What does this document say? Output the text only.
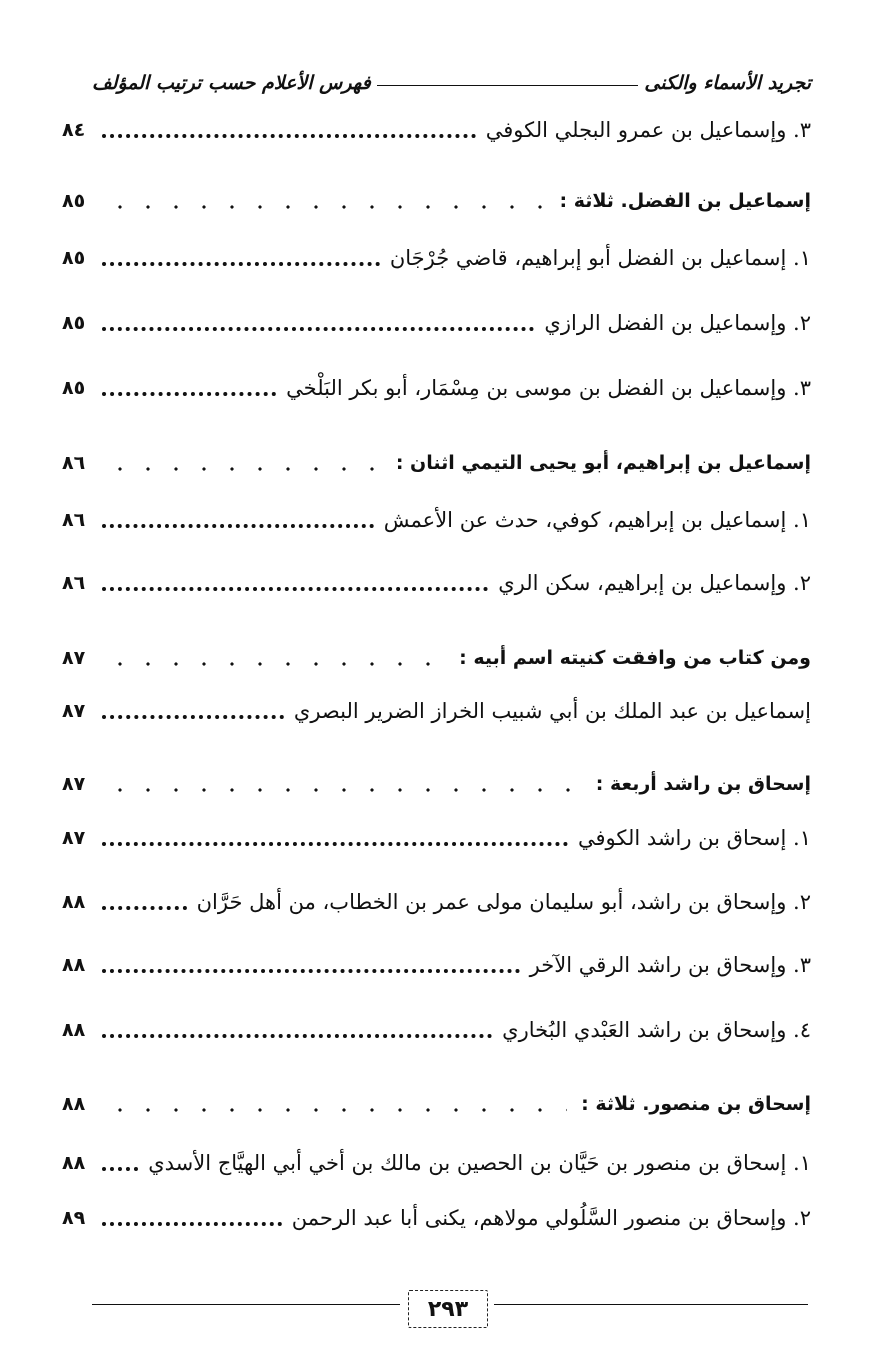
تجريد الأسماء والكنى
فهرس الأعلام حسب ترتيب المؤلف
٣. وإسماعيل بن عمرو البجلي الكوفي
٨٤
إسماعيل بن الفضل. ثلاثة :
٨٥
١. إسماعيل بن الفضل أبو إبراهيم، قاضي جُرْجَان
٨٥
٢. وإسماعيل بن الفضل الرازي
٨٥
٣. وإسماعيل بن الفضل بن موسى بن مِسْمَار، أبو بكر البَلْخي
٨٥
إسماعيل بن إبراهيم، أبو يحيى التيمي اثنان :
٨٦
١. إسماعيل بن إبراهيم، كوفي، حدث عن الأعمش
٨٦
٢. وإسماعيل بن إبراهيم، سكن الري
٨٦
ومن كتاب من وافقت كنيته اسم أبيه :
٨٧
إسماعيل بن عبد الملك بن أبي شبيب الخراز الضرير البصري
٨٧
إسحاق بن راشد أربعة :
٨٧
١. إسحاق بن راشد الكوفي
٨٧
٢. وإسحاق بن راشد، أبو سليمان مولى عمر بن الخطاب، من أهل حَرَّان
٨٨
٣. وإسحاق بن راشد الرقي الآخر
٨٨
٤. وإسحاق بن راشد العَبْدي البُخاري
٨٨
إسحاق بن منصور. ثلاثة :
٨٨
١. إسحاق بن منصور بن حَيَّان بن الحصين بن مالك بن أخي أبي الهيَّاج الأسدي
٨٨
٢. وإسحاق بن منصور السَّلُولي مولاهم، يكنى أبا عبد الرحمن
٨٩
٢٩٣
